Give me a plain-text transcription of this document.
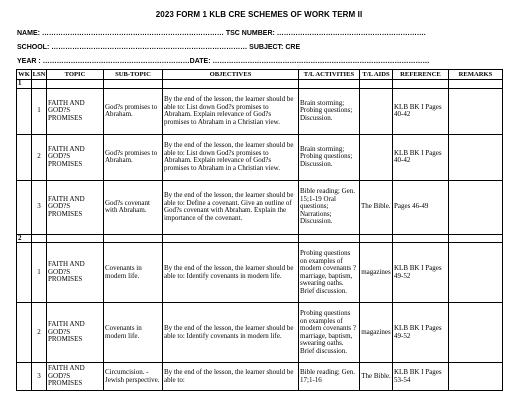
2023 FORM 1 KLB CRE SCHEMES OF WORK TERM II
NAME: …………………………………………………………………… TSC NUMBER: ……………………………………………………….
SCHOOL: ………………………………………………………………………… SUBJECT: CRE
YEAR : ………………………………………………………DATE: …………………………………………………………………………………
WK	LSN	TOPIC	SUB-TOPIC	OBJECTIVES	T/L ACTIVITIES	T/L AIDS	REFERENCE	REMARKS
1								
	1	FAITH AND GOD?S PROMISES	God?s promises to Abraham.	By the end of the lesson, the learner should be able to: List down God?s promises to Abraham. Explain relevance of God?s promises to Abraham in a Christian view.	Brain storming; Probing questions; Discussion.		KLB BK I Pages 40-42	
	2	FAITH AND GOD?S PROMISES	God?s promises to Abraham.	By the end of the lesson, the learner should be able to: List down God?s promises to Abraham. Explain relevance of God?s promises to Abraham in a Christian view.	Brain storming; Probing questions; Discussion.		KLB BK I Pages 40-42	
	3	FAITH AND GOD?S PROMISES	God?s covenant with Abraham.	By the end of the lesson, the learner should be able to: Define a covenant. Give an outline of God?s covenant with Abraham. Explain the importance of the covenant.	Bible reading; Gen. 15;1-19 Oral questions; Narrations; Discussion.	The Bible.	Pages 46-49	
2								
	1	FAITH AND GOD?S PROMISES	Covenants in modern life.	By the end of the lesson, the learner should be able to: Identify covenants in modern life.	Probing questions on examples of modern covenants ?marriage, baptism, swearing oaths. Brief discussion.	magazines	KLB BK I Pages 49-52	
	2	FAITH AND GOD?S PROMISES	Covenants in modern life.	By the end of the lesson, the learner should be able to: Identify covenants in modern life.	Probing questions on examples of modern covenants ?marriage, baptism, swearing oaths. Brief discussion.	magazines	KLB BK I Pages 49-52	
	3	FAITH AND GOD?S PROMISES	Circumcision. - Jewish perspective.	By the end of the lesson, the learner should be able to:	Bible reading; Gen. 17;1-16	The Bible.	KLB BK I Pages 53-54	
